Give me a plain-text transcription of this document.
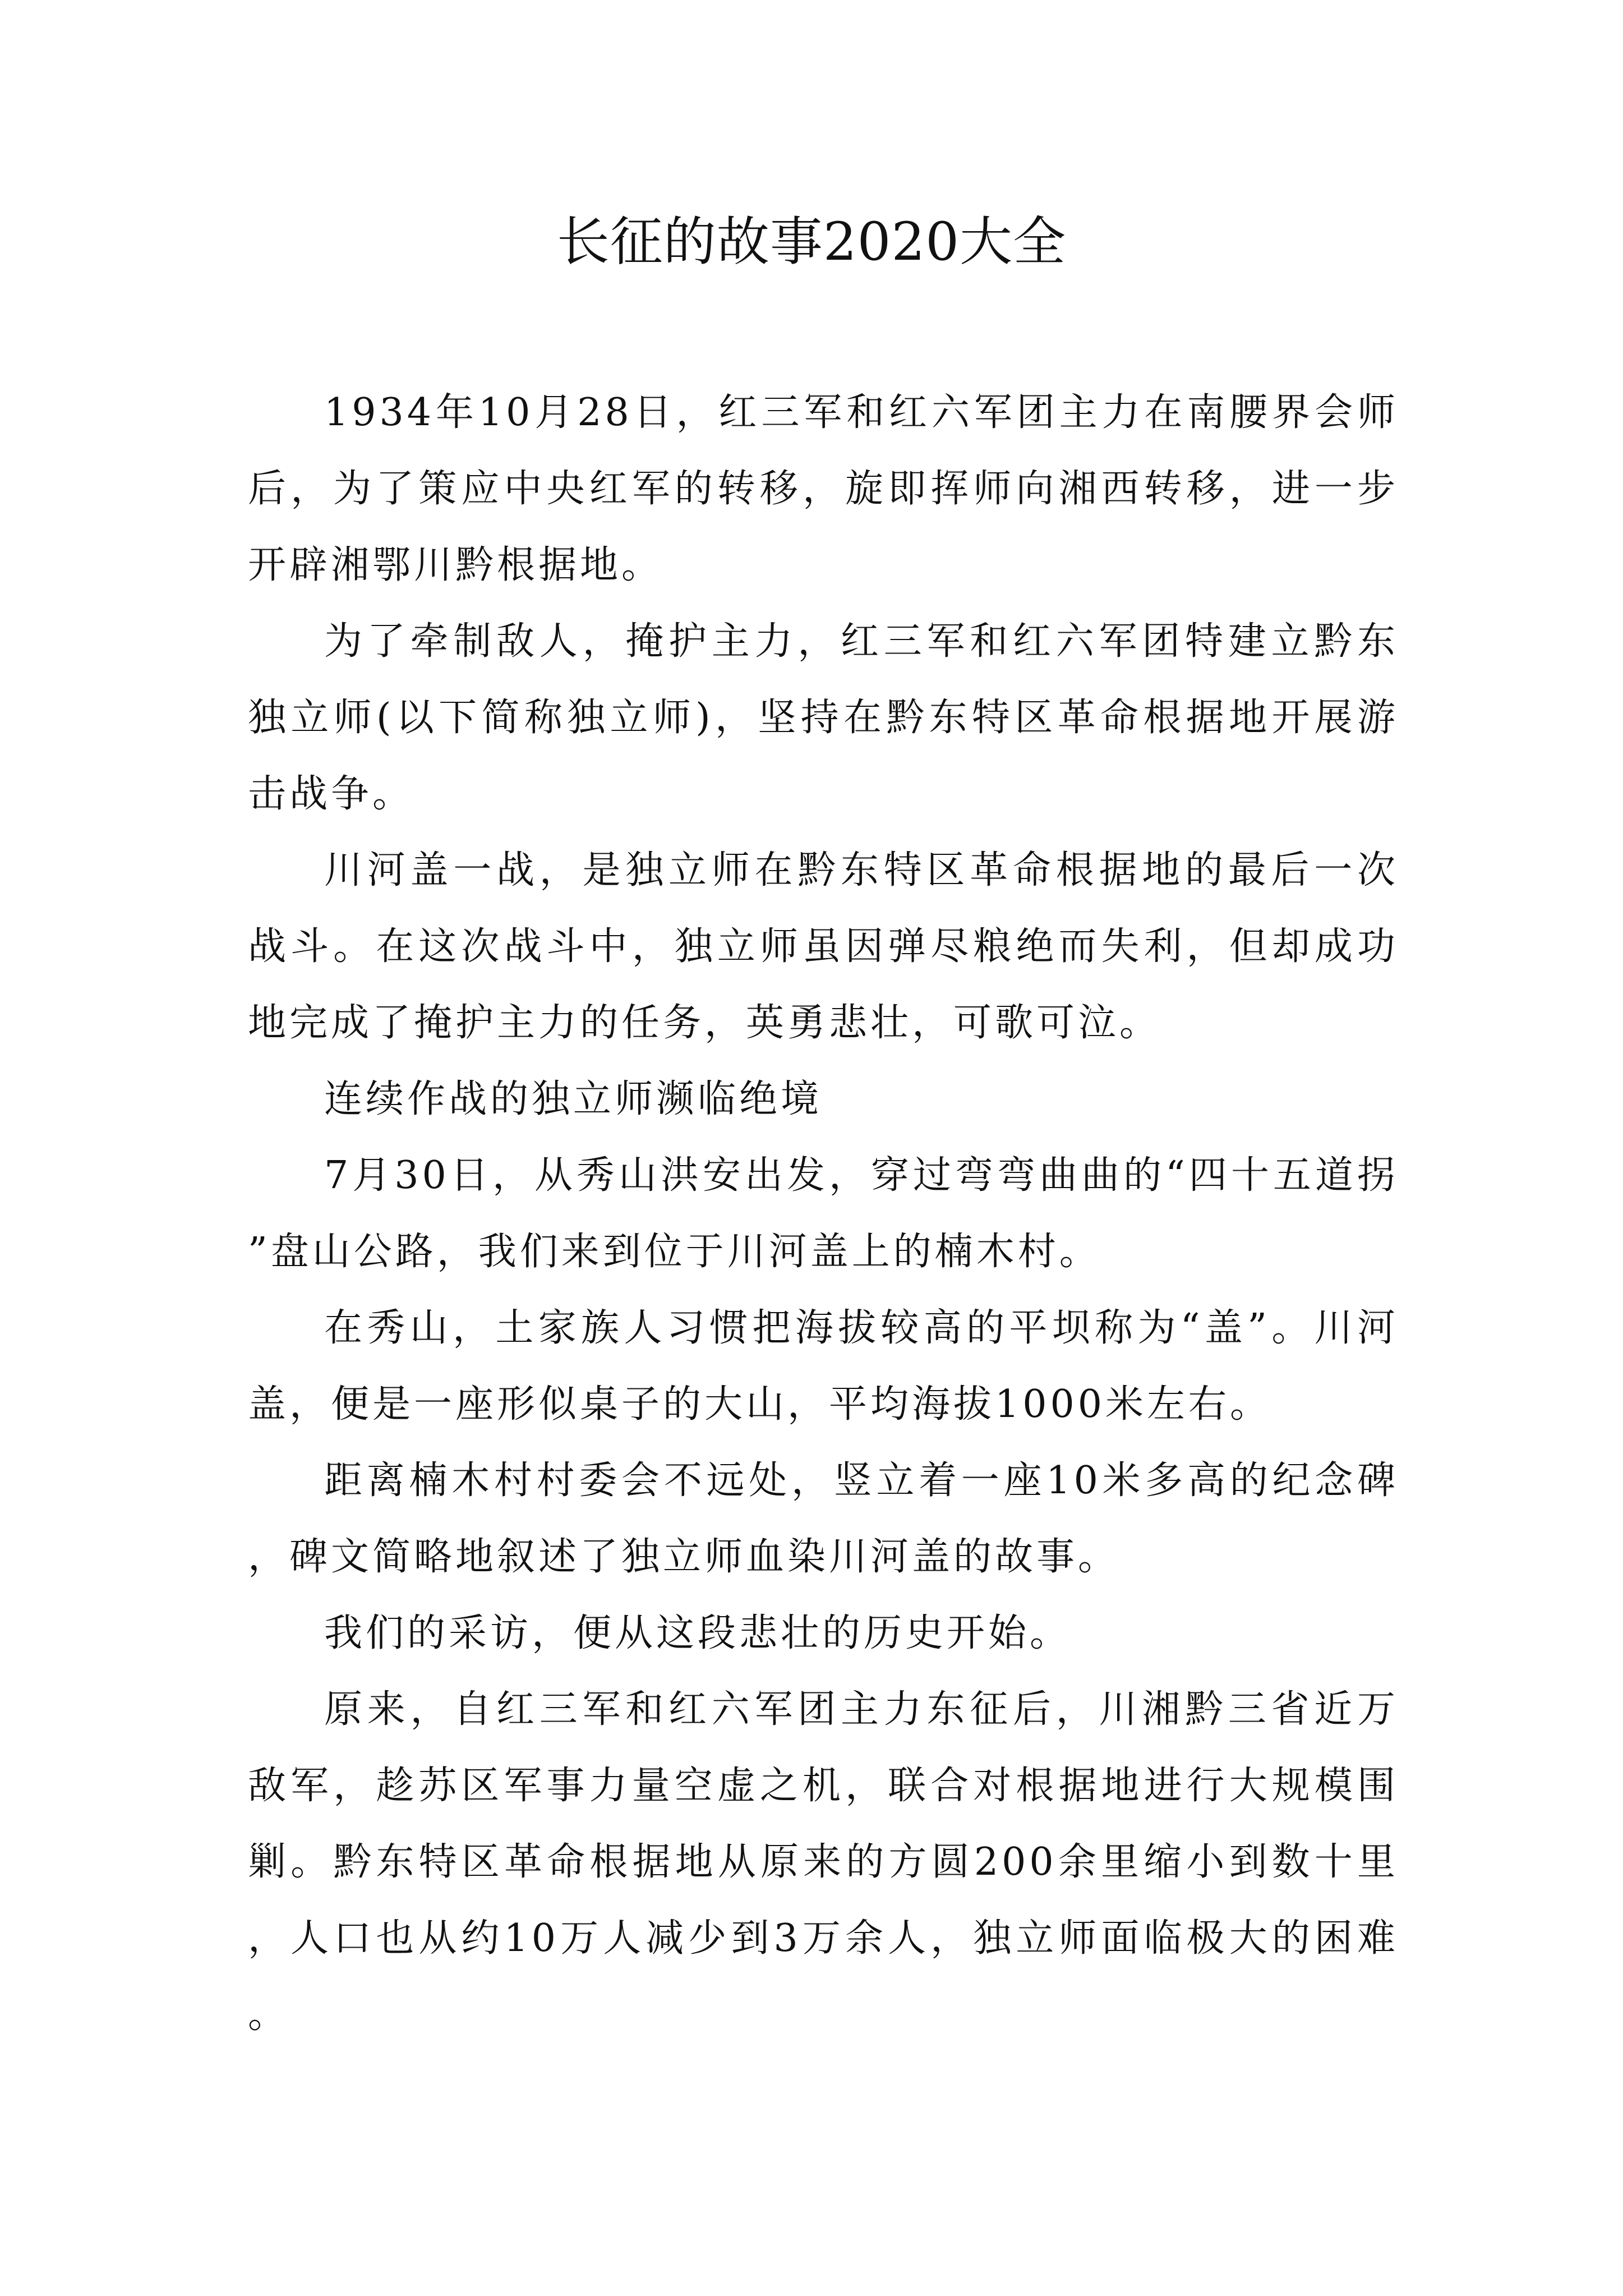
长征的故事2020大全

1934年10月28日，红三军和红六军团主力在南腰界会师后，为了策应中央红军的转移，旋即挥师向湘西转移，进一步开辟湘鄂川黔根据地。

为了牵制敌人，掩护主力，红三军和红六军团特建立黔东独立师(以下简称独立师)，坚持在黔东特区革命根据地开展游击战争。

川河盖一战，是独立师在黔东特区革命根据地的最后一次战斗。在这次战斗中，独立师虽因弹尽粮绝而失利，但却成功地完成了掩护主力的任务，英勇悲壮，可歌可泣。

连续作战的独立师濒临绝境

7月30日，从秀山洪安出发，穿过弯弯曲曲的“四十五道拐”盘山公路，我们来到位于川河盖上的楠木村。

在秀山，土家族人习惯把海拔较高的平坝称为“盖”。川河盖，便是一座形似桌子的大山，平均海拔1000米左右。

距离楠木村村委会不远处，竖立着一座10米多高的纪念碑，碑文简略地叙述了独立师血染川河盖的故事。

我们的采访，便从这段悲壮的历史开始。

原来，自红三军和红六军团主力东征后，川湘黔三省近万敌军，趁苏区军事力量空虚之机，联合对根据地进行大规模围剿。黔东特区革命根据地从原来的方圆200余里缩小到数十里，人口也从约10万人减少到3万余人，独立师面临极大的困难。
